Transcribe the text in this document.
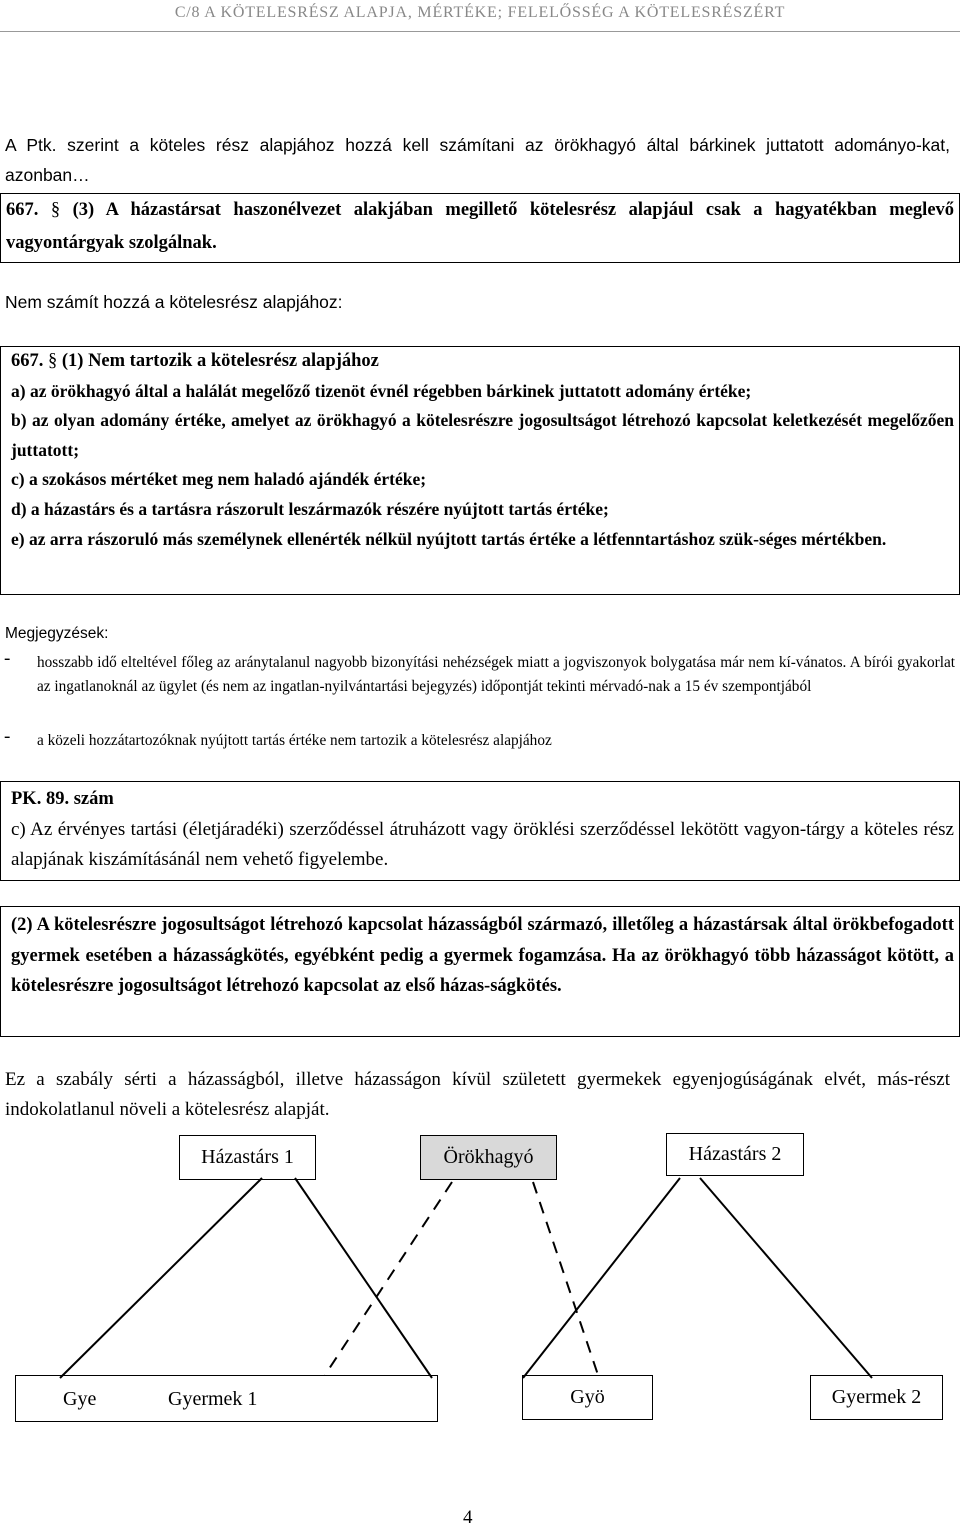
C/8 A KÖTELESRÉSZ ALAPJA, MÉRTÉKE; FELELŐSSÉG A KÖTELESRÉSZÉRT
A Ptk. szerint a köteles rész alapjához hozzá kell számítani az örökhagyó által bárkinek juttatott adományo-kat, azonban…
667. § (3) A házastársat haszonélvezet alakjában megillető kötelesrész alapjául csak a hagyatékban meglevő vagyontárgyak szolgálnak.
Nem számít hozzá a kötelesrész alapjához:
667. § (1) Nem tartozik a kötelesrész alapjához
a) az örökhagyó által a halálát megelőző tizenöt évnél régebben bárkinek juttatott adomány értéke;
b) az olyan adomány értéke, amelyet az örökhagyó a kötelesrészre jogosultságot létrehozó kapcsolat keletkezését megelőzően juttatott;
c) a szokásos mértéket meg nem haladó ajándék értéke;
d) a házastárs és a tartásra rászorult leszármazók részére nyújtott tartás értéke;
e) az arra rászoruló más személynek ellenérték nélkül nyújtott tartás értéke a létfenntartáshoz szük-séges mértékben.
Megjegyzések:
- hosszabb idő elteltével főleg az aránytalanul nagyobb bizonyítási nehézségek miatt a jogviszonyok bolygatása már nem kí-vánatos. A bírói gyakorlat az ingatlanoknál az ügylet (és nem az ingatlan-nyilvántartási bejegyzés) időpontját tekinti mérvadó-nak a 15 év szempontjából
- a közeli hozzátartozóknak nyújtott tartás értéke nem tartozik a kötelesrész alapjához
PK. 89. szám
c) Az érvényes tartási (életjáradéki) szerződéssel átruházott vagy öröklési szerződéssel lekötött vagyon-tárgy a köteles rész alapjának kiszámításánál nem vehető figyelembe.
(2) A kötelesrészre jogosultságot létrehozó kapcsolat házasságból származó, illetőleg a házastársak által örökbefogadott gyermek esetében a házasságkötés, egyébként pedig a gyermek fogamzása. Ha az örökhagyó több házasságot kötött, a kötelesrészre jogosultságot létrehozó kapcsolat az első házas-ságkötés.
Ez a szabály sérti a házasságból, illetve házasságon kívül született gyermekek egyenjogúságának elvét, más-részt indokolatlanul növeli a kötelesrész alapját.
Házastárs 1	Örökhagyó	Házastárs 2
Gye	Gyermek 1	Gyö	Gyermek 2
4
